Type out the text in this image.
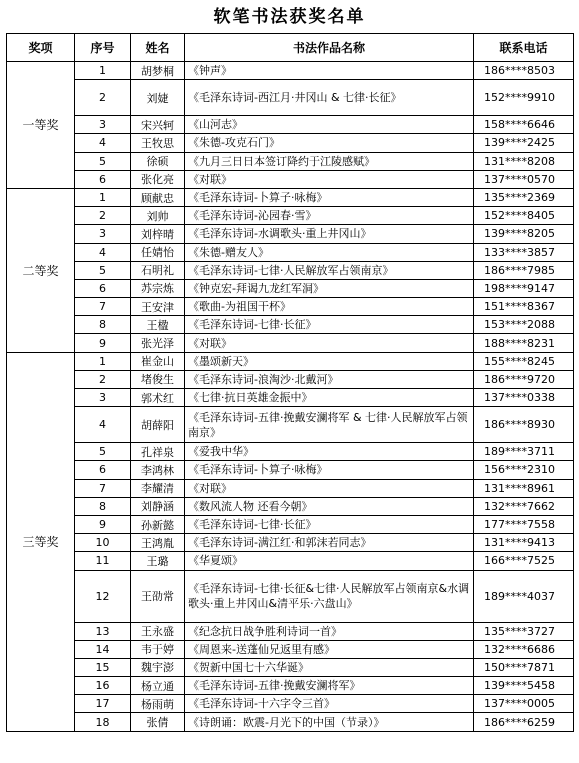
软笔书法获奖名单
奖项	序号	姓名	书法作品名称	联系电话
一等奖	1	胡梦桐	《钟声》	186****8503
	2	刘婕	《毛泽东诗词-西江月·井冈山 & 七律·长征》	152****9910
	3	宋兴轲	《山河志》	158****6646
	4	王牧思	《朱德-攻克石门》	139****2425
	5	徐硕	《九月三日日本签订降约于江陵感赋》	131****8208
	6	张化亮	《对联》	137****0570
二等奖	1	顾献忠	《毛泽东诗词-卜算子·咏梅》	135****2369
	2	刘帅	《毛泽东诗词-沁园春·雪》	152****8405
	3	刘梓晴	《毛泽东诗词-水调歌头·重上井冈山》	139****8205
	4	任婧怡	《朱德-赠友人》	133****3857
	5	石明礼	《毛泽东诗词-七律·人民解放军占领南京》	186****7985
	6	苏宗炼	《钟克宏-拜谒九龙红军洞》	198****9147
	7	王安津	《歌曲-为祖国干杯》	151****8367
	8	王楹	《毛泽东诗词-七律·长征》	153****2088
	9	张光泽	《对联》	188****8231
三等奖	1	崔金山	《墨颂新天》	155****8245
	2	堵俊生	《毛泽东诗词-浪淘沙·北戴河》	186****9720
	3	郭术红	《七律·抗日英雄金振中》	137****0338
	4	胡薛阳	《毛泽东诗词-五律·挽戴安澜将军 & 七律·人民解放军占领南京》	186****8930
	5	孔祥泉	《爱我中华》	189****3711
	6	李鸿林	《毛泽东诗词-卜算子·咏梅》	156****2310
	7	李耀清	《对联》	131****8961
	8	刘静涵	《数风流人物 还看今朝》	132****7662
	9	孙新懿	《毛泽东诗词-七律·长征》	177****7558
	10	王鸿胤	《毛泽东诗词-满江红·和郭沫若同志》	131****9413
	11	王璐	《华夏颂》	166****7525
	12	王劭常	《毛泽东诗词-七律·长征&七律·人民解放军占领南京&水调歌头·重上井冈山&清平乐·六盘山》	189****4037
	13	王永盛	《纪念抗日战争胜利诗词一首》	135****3727
	14	韦于婷	《周恩来-送蓬仙兄返里有感》	132****6686
	15	魏宇澎	《贺新中国七十六华诞》	150****7871
	16	杨立通	《毛泽东诗词-五律·挽戴安澜将军》	139****5458
	17	杨雨萌	《毛泽东诗词-十六字令三首》	137****0005
	18	张倩	《诗朗诵：欧震-月光下的中国（节录）》	186****6259
